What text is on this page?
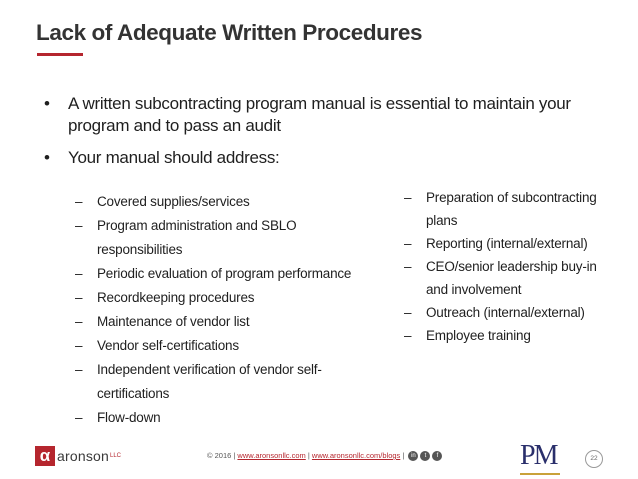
Lack of Adequate Written Procedures
• A written subcontracting program manual is essential to maintain your program and to pass an audit
• Your manual should address:
– Covered supplies/services
– Program administration and SBLO responsibilities
– Periodic evaluation of program performance
– Recordkeeping procedures
– Maintenance of vendor list
– Vendor self-certifications
– Independent verification of vendor self-certifications
– Flow-down
– Preparation of subcontracting plans
– Reporting (internal/external)
– CEO/senior leadership buy-in and involvement
– Outreach (internal/external)
– Employee training
α aronson LLC	© 2016 | www.aronsonllc.com | www.aronsonllc.com/blogs |	in	t	f	PM	22
